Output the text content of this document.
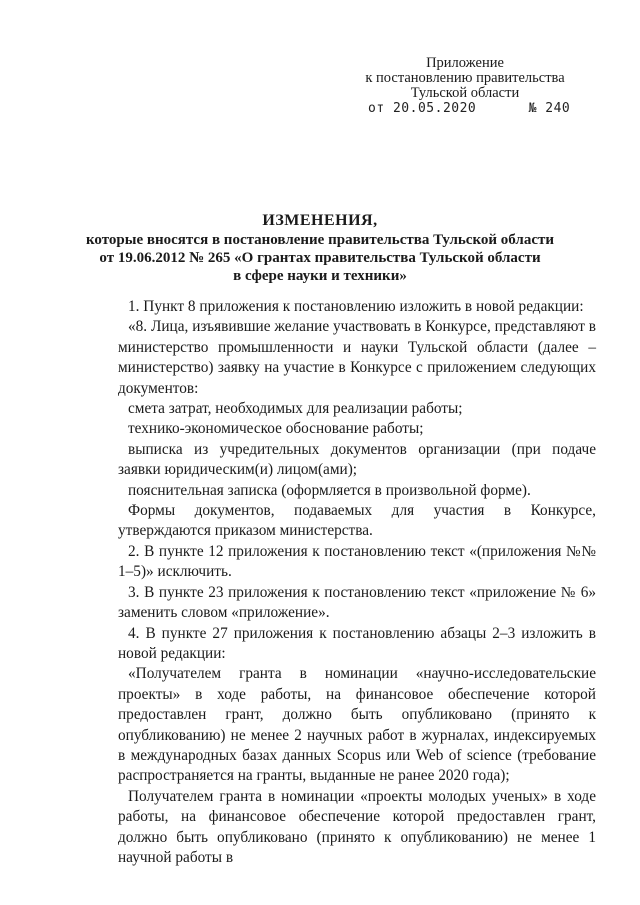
Приложение
к постановлению правительства
Тульской области
от 20.05.2020	№ 240
ИЗМЕНЕНИЯ,
которые вносятся в постановление правительства Тульской области
от 19.06.2012 № 265 «О грантах правительства Тульской области
в сфере науки и техники»

1. Пункт 8 приложения к постановлению изложить в новой редакции:

«8. Лица, изъявившие желание участвовать в Конкурсе, представляют в министерство промышленности и науки Тульской области (далее – министерство) заявку на участие в Конкурсе с приложением следующих документов:

смета затрат, необходимых для реализации работы;

технико-экономическое обоснование работы;

выписка из учредительных документов организации (при подаче заявки юридическим(и) лицом(ами);

пояснительная записка (оформляется в произвольной форме).

Формы документов, подаваемых для участия в Конкурсе, утверждаются приказом министерства.

2. В пункте 12 приложения к постановлению текст «(приложения №№ 1–5)» исключить.

3. В пункте 23 приложения к постановлению текст «приложение № 6» заменить словом «приложение».

4. В пункте 27 приложения к постановлению абзацы 2–3 изложить в новой редакции:

«Получателем гранта в номинации «научно-исследовательские проекты» в ходе работы, на финансовое обеспечение которой предоставлен грант, должно быть опубликовано (принято к опубликованию) не менее 2 научных работ в журналах, индексируемых в международных базах данных Scopus или Web of science (требование распространяется на гранты, выданные не ранее 2020 года);

Получателем гранта в номинации «проекты молодых ученых» в ходе работы, на финансовое обеспечение которой предоставлен грант, должно быть опубликовано (принято к опубликованию) не менее 1 научной работы в
